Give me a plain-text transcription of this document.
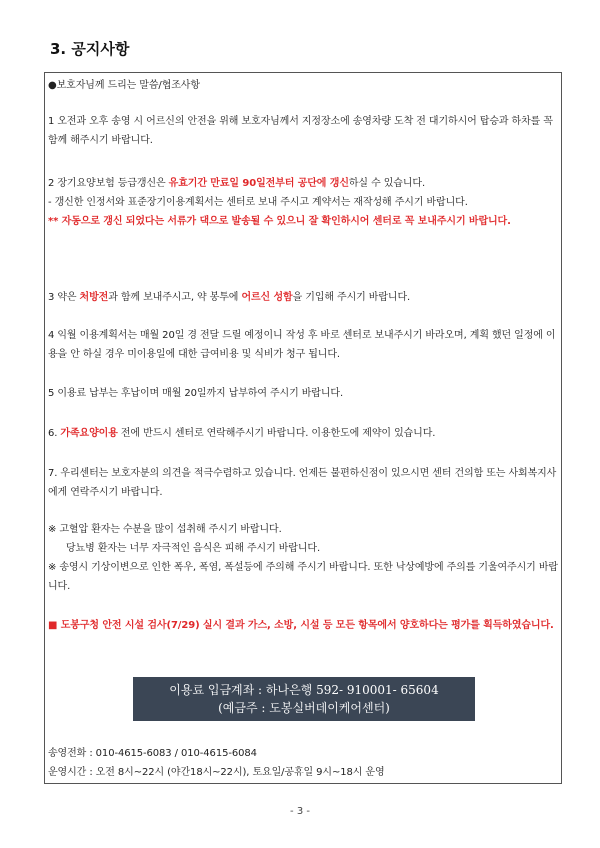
3. 공지사항
●보호자님께 드리는 말씀/협조사항
1 오전과 오후 송영 시 어르신의 안전을 위해 보호자님께서 지정장소에 송영차량 도착 전 대기하시어 탑승과 하차를 꼭 함께 해주시기 바랍니다.
2 장기요양보험 등급갱신은 유효기간 만료일 90일전부터 공단에 갱신하실 수 있습니다.
- 갱신한 인정서와 표준장기이용계획서는 센터로 보내 주시고 계약서는 재작성해 주시기 바랍니다.
** 자동으로 갱신 되었다는 서류가 댁으로 발송될 수 있으니 잘 확인하시어 센터로 꼭 보내주시기 바랍니다.
3 약은 처방전과 함께 보내주시고, 약 봉투에 어르신 성함을 기입해 주시기 바랍니다.
4 익월 이용계획서는 매월 20일 경 전달 드릴 예정이니 작성 후 바로 센터로 보내주시기 바라오며, 계획 했던 일정에 이용을 안 하실 경우 미이용일에 대한 급여비용 및 식비가 청구 됩니다.
5 이용료 납부는 후납이며 매월 20일까지 납부하여 주시기 바랍니다.
6. 가족요양이용 전에 반드시 센터로 연락해주시기 바랍니다. 이용한도에 제약이 있습니다.
7. 우리센터는 보호자분의 의견을 적극수렴하고 있습니다. 언제든 불편하신점이 있으시면 센터 건의함 또는 사회복지사에게 연락주시기 바랍니다.
※ 고혈압 환자는 수분을 많이 섭취해 주시기 바랍니다.
당뇨병 환자는 너무 자극적인 음식은 피해 주시기 바랍니다.
※ 송영시 기상이변으로 인한 폭우, 폭염, 폭설등에 주의해 주시기 바랍니다. 또한 낙상예방에 주의를 기울여주시기 바랍니다.
■ 도봉구청 안전 시설 검사(7/29) 실시 결과 가스, 소방, 시설 등 모든 항목에서 양호하다는 평가를 획득하였습니다.
이용료 입금계좌 : 하나은행 592- 910001- 65604
(예금주 : 도봉실버데이케어센터)
송영전화 : 010-4615-6083 / 010-4615-6084
운영시간 : 오전 8시~22시 (야간18시~22시), 토요일/공휴일 9시~18시 운영
- 3 -
